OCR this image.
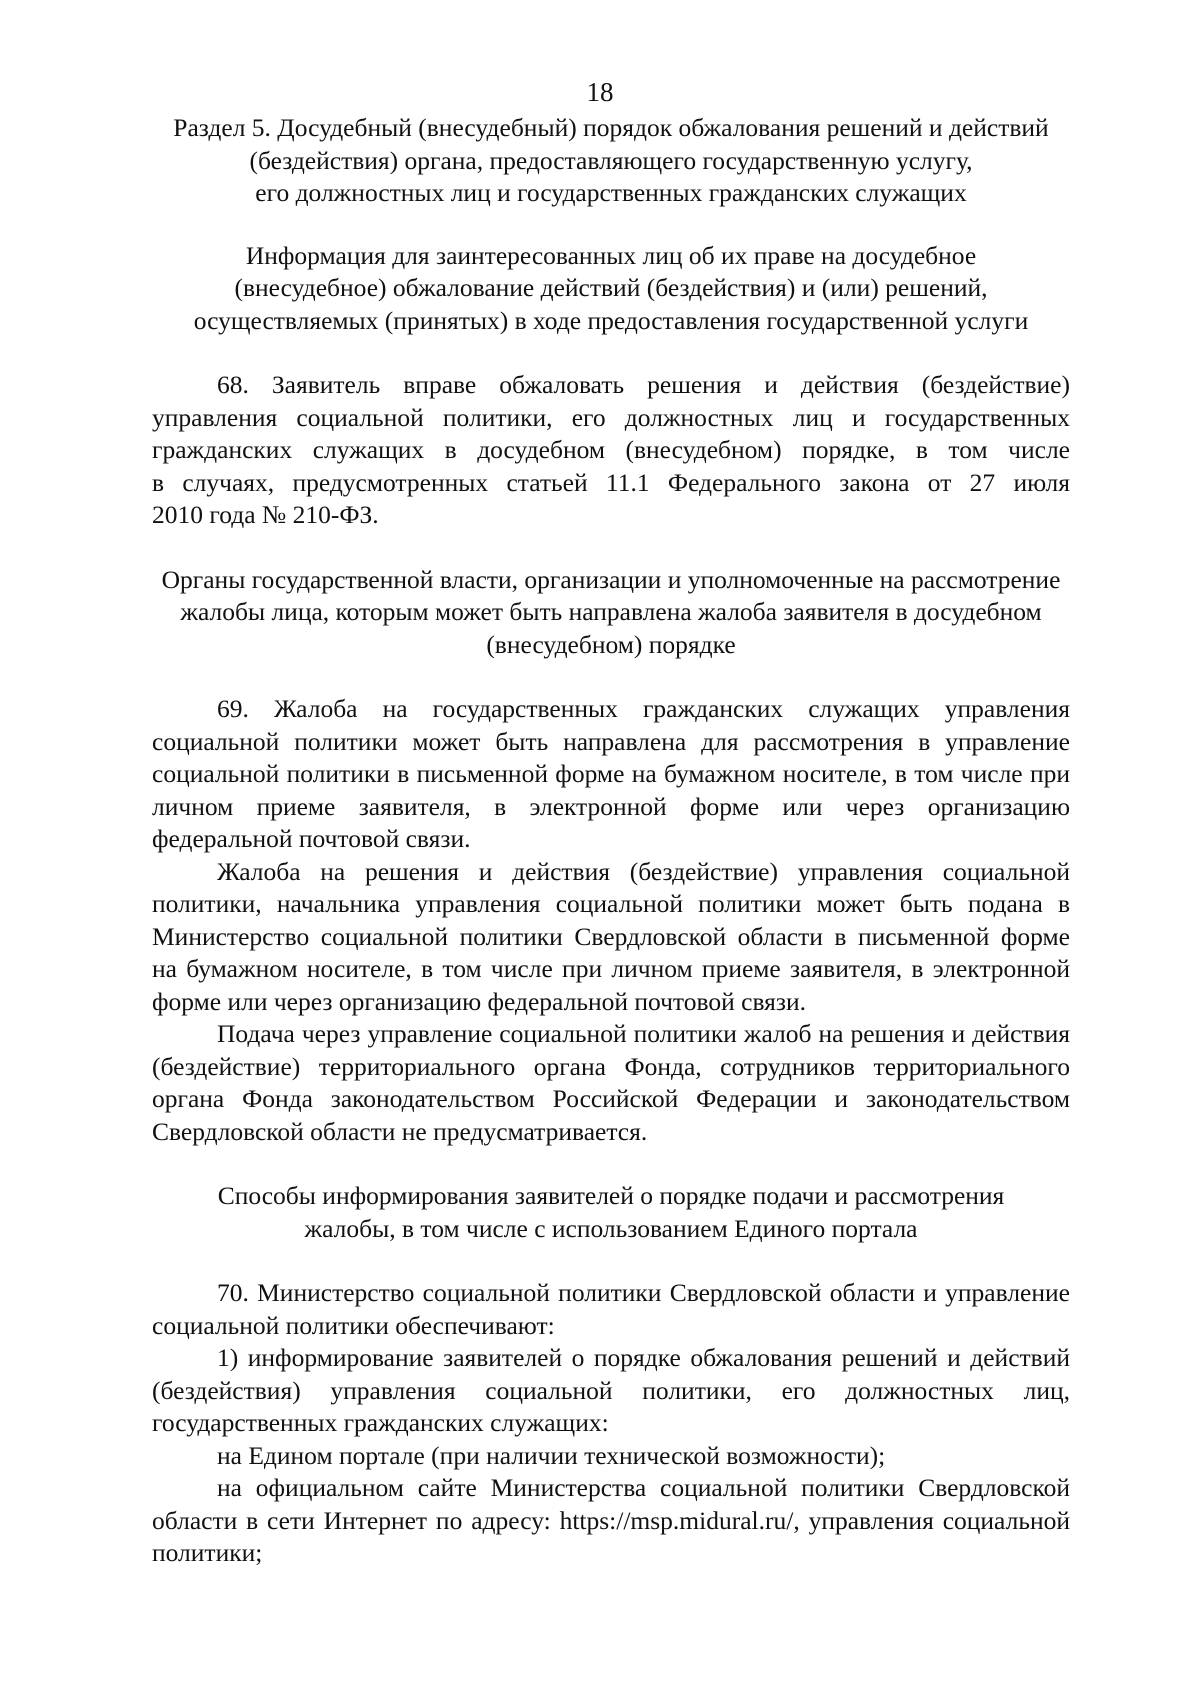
18
Раздел 5. Досудебный (внесудебный) порядок обжалования решений и действий
(бездействия) органа, предоставляющего государственную услугу,
его должностных лиц и государственных гражданских служащих
Информация для заинтересованных лиц об их праве на досудебное
(внесудебное) обжалование действий (бездействия) и (или) решений,
осуществляемых (принятых) в ходе предоставления государственной услуги
68. Заявитель вправе обжаловать решения и действия (бездействие)
управления социальной политики, его должностных лиц и государственных
гражданских служащих в досудебном (внесудебном) порядке, в том числе
в случаях, предусмотренных статьей 11.1 Федерального закона от 27 июля
2010 года № 210-ФЗ.
Органы государственной власти, организации и уполномоченные на рассмотрение
жалобы лица, которым может быть направлена жалоба заявителя в досудебном
(внесудебном) порядке
69. Жалоба на государственных гражданских служащих управления
социальной политики может быть направлена для рассмотрения в управление
социальной политики в письменной форме на бумажном носителе, в том числе при
личном приеме заявителя, в электронной форме или через организацию
федеральной почтовой связи.
Жалоба на решения и действия (бездействие) управления социальной
политики, начальника управления социальной политики может быть подана в
Министерство социальной политики Свердловской области в письменной форме
на бумажном носителе, в том числе при личном приеме заявителя, в электронной
форме или через организацию федеральной почтовой связи.
Подача через управление социальной политики жалоб на решения и действия
(бездействие) территориального органа Фонда, сотрудников территориального
органа Фонда законодательством Российской Федерации и законодательством
Свердловской области не предусматривается.
Способы информирования заявителей о порядке подачи и рассмотрения
жалобы, в том числе с использованием Единого портала
70. Министерство социальной политики Свердловской области и управление
социальной политики обеспечивают:
1) информирование заявителей о порядке обжалования решений и действий
(бездействия) управления социальной политики, его должностных лиц,
государственных гражданских служащих:
на Едином портале (при наличии технической возможности);
на официальном сайте Министерства социальной политики Свердловской
области в сети Интернет по адресу: https://msp.midural.ru/, управления социальной
политики;
